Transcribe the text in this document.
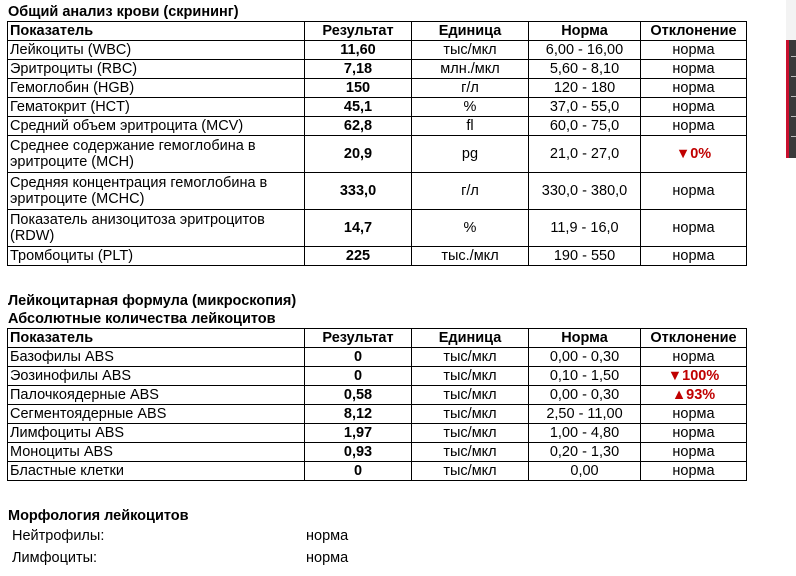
Общий анализ крови (скрининг)
Показатель	Результат	Единица	Норма	Отклонение
Лейкоциты (WBC)	11,60	тыс/мкл	6,00 - 16,00	норма
Эритроциты (RBC)	7,18	млн./мкл	5,60 - 8,10	норма
Гемоглобин (HGB)	150	г/л	120 - 180	норма
Гематокрит (HCT)	45,1	%	37,0 - 55,0	норма
Средний объем эритроцита (MCV)	62,8	fl	60,0 - 75,0	норма
Среднее содержание гемоглобина в эритроците (MCH)	20,9	pg	21,0 - 27,0	▼0%
Средняя концентрация гемоглобина в эритроците (MCHC)	333,0	г/л	330,0 - 380,0	норма
Показатель анизоцитоза эритроцитов (RDW)	14,7	%	11,9 - 16,0	норма
Тромбоциты (PLT)	225	тыс./мкл	190 - 550	норма
Лейкоцитарная формула (микроскопия)
Абсолютные количества лейкоцитов
Показатель	Результат	Единица	Норма	Отклонение
Базофилы ABS	0	тыс/мкл	0,00 - 0,30	норма
Эозинофилы ABS	0	тыс/мкл	0,10 - 1,50	▼100%
Палочкоядерные ABS	0,58	тыс/мкл	0,00 - 0,30	▲93%
Сегментоядерные ABS	8,12	тыс/мкл	2,50 - 11,00	норма
Лимфоциты ABS	1,97	тыс/мкл	1,00 - 4,80	норма
Моноциты ABS	0,93	тыс/мкл	0,20 - 1,30	норма
Бластные клетки	0	тыс/мкл	0,00	норма
Морфология лейкоцитов
Нейтрофилы:	норма
Лимфоциты:	норма
